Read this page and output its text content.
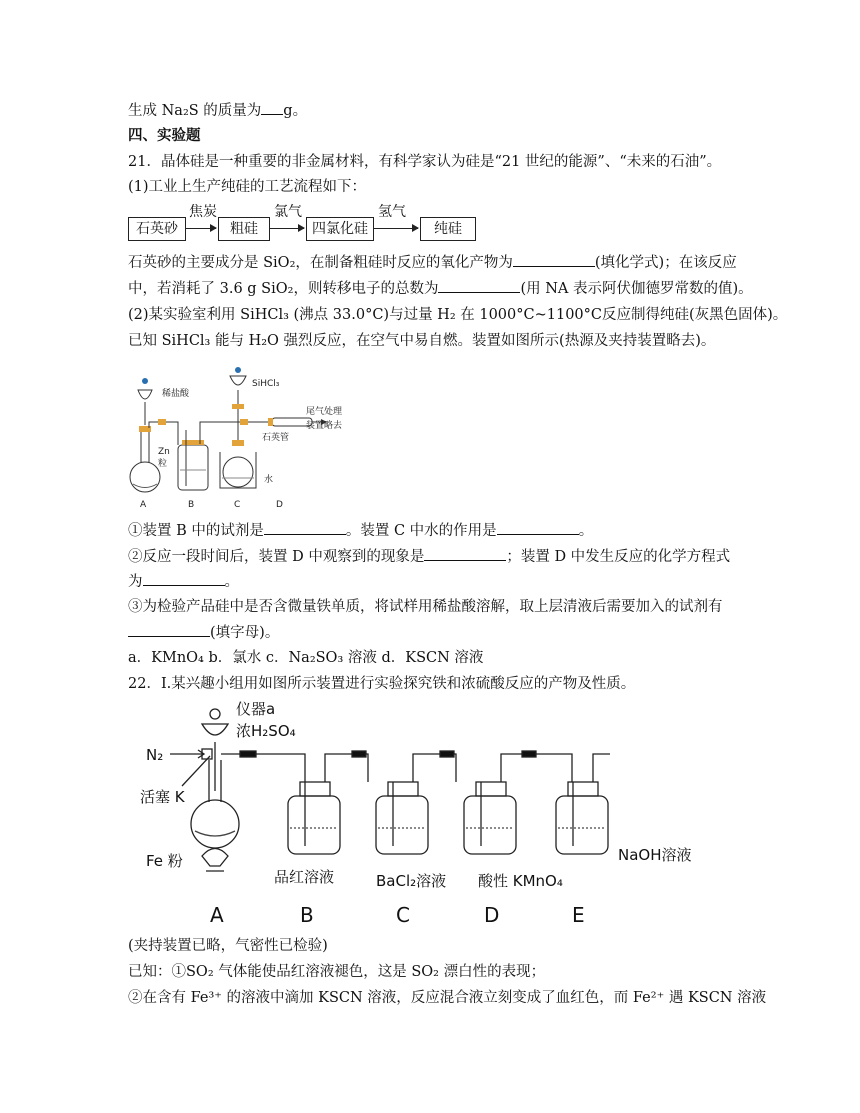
生成 Na₂S 的质量为 g。
四、实验题
21．晶体硅是一种重要的非金属材料，有科学家认为硅是“21 世纪的能源”、“未来的石油”。
(1)工业上生产纯硅的工艺流程如下：
石英砂
焦炭
粗硅
氯气
四氯化硅
氢气
纯硅
石英砂的主要成分是 SiO₂，在制备粗硅时反应的氧化产物为	(填化学式)；在该反应
中，若消耗了 3.6 g SiO₂，则转移电子的总数为	(用 NA 表示阿伏伽德罗常数的值)。
(2)某实验室利用 SiHCl₃ (沸点 33.0°C)与过量 H₂ 在 1000°C~1100°C反应制得纯硅(灰黑色固体)。
已知 SiHCl₃ 能与 H₂O 强烈反应，在空气中易自燃。装置如图所示(热源及夹持装置略去)。
稀盐酸
Zn
粒
SiHCl₃
石英管
尾气处理
装置略去
水
A	B	C	D
①装置 B 中的试剂是	。装置 C 中水的作用是	。
②反应一段时间后，装置 D 中观察到的现象是	；装置 D 中发生反应的化学方程式
为	。
③为检验产品硅中是否含微量铁单质，将试样用稀盐酸溶解，取上层清液后需要加入的试剂有
(填字母)。
a．KMnO₄ b．氯水 c．Na₂SO₃ 溶液 d．KSCN 溶液
22．I.某兴趣小组用如图所示装置进行实验探究铁和浓硫酸反应的产物及性质。
仪器a
浓H₂SO₄
N₂
活塞 K
Fe 粉
品红溶液	BaCl₂溶液 酸性 KMnO₄
NaOH溶液
A	B	C	D	E
(夹持装置已略，气密性已检验)
已知：①SO₂ 气体能使品红溶液褪色，这是 SO₂ 漂白性的表现；
②在含有 Fe³⁺ 的溶液中滴加 KSCN 溶液，反应混合液立刻变成了血红色，而 Fe²⁺ 遇 KSCN 溶液
